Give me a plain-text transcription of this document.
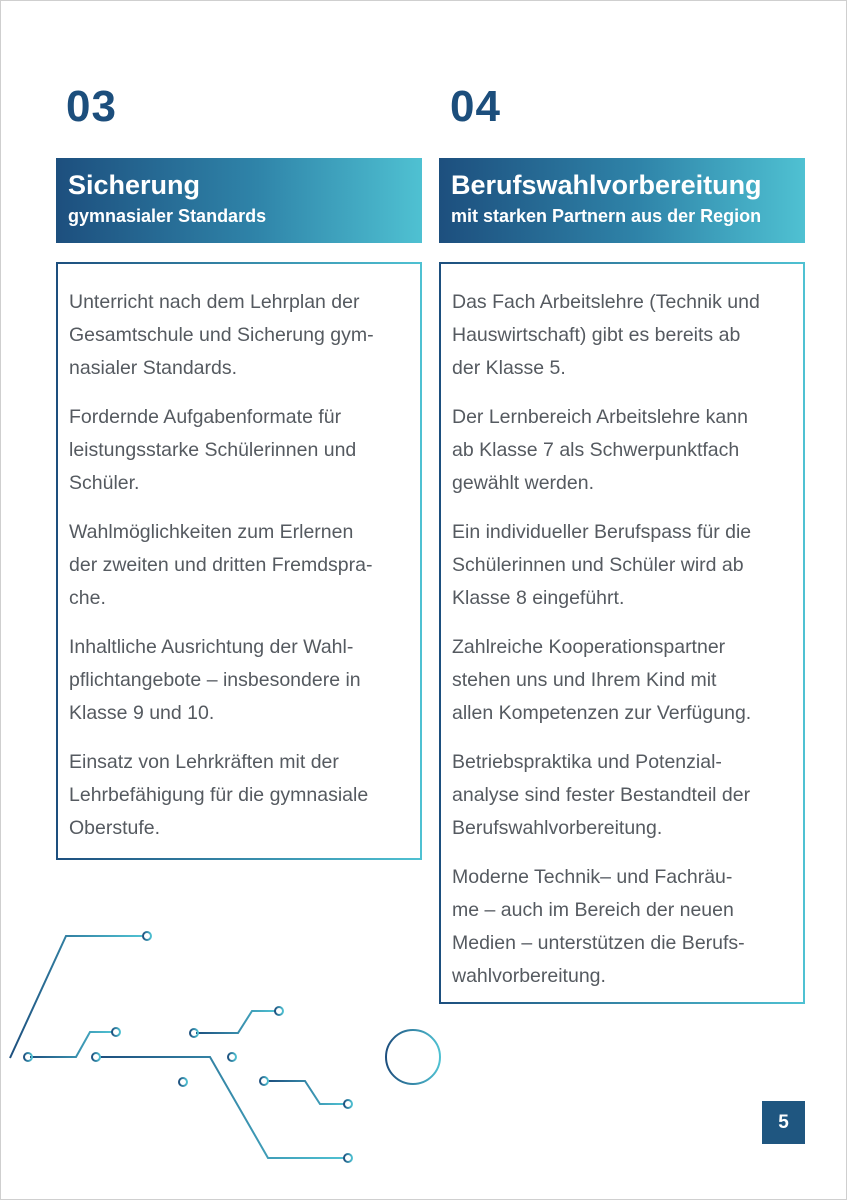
03
Sicherung
gymnasialer Standards

Unterricht nach dem Lehrplan der
Gesamtschule und Sicherung gym-
nasialer Standards.

Fordernde Aufgabenformate für
leistungsstarke Schülerinnen und
Schüler.

Wahlmöglichkeiten zum Erlernen
der zweiten und dritten Fremdspra-
che.

Inhaltliche Ausrichtung der Wahl-
pflichtangebote – insbesondere in
Klasse 9 und 10.

Einsatz von Lehrkräften mit der
Lehrbefähigung für die gymnasiale
Oberstufe.

04
Berufswahlvorbereitung
mit starken Partnern aus der Region

Das Fach Arbeitslehre (Technik und
Hauswirtschaft) gibt es bereits ab
der Klasse 5.

Der Lernbereich Arbeitslehre kann
ab Klasse 7 als Schwerpunktfach
gewählt werden.

Ein individueller Berufspass für die
Schülerinnen und Schüler wird ab
Klasse 8 eingeführt.

Zahlreiche Kooperationspartner
stehen uns und Ihrem Kind mit
allen Kompetenzen zur Verfügung.

Betriebspraktika und Potenzial-
analyse sind fester Bestandteil der
Berufswahlvorbereitung.

Moderne Technik– und Fachräu-
me – auch im Bereich der neuen
Medien – unterstützen die Berufs-
wahlvorbereitung.

5
